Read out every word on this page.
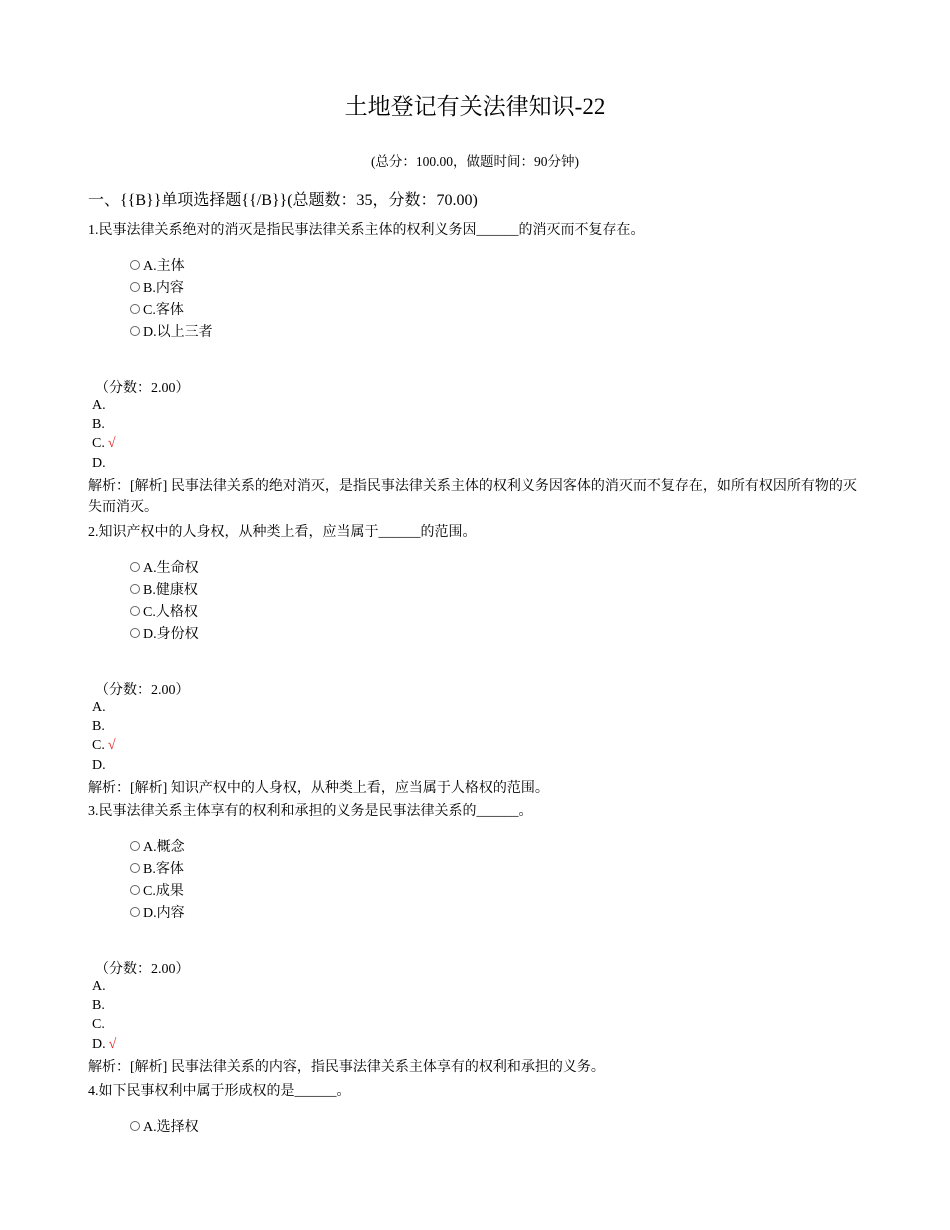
土地登记有关法律知识-22
(总分：100.00，做题时间：90分钟)
一、{{B}}单项选择题{{/B}}(总题数：35，分数：70.00)
1.民事法律关系绝对的消灭是指民事法律关系主体的权利义务因______的消灭而不复存在。
A.主体
B.内容
C.客体
D.以上三者
（分数：2.00）
A.
B.
C. √
D.
解析：[解析] 民事法律关系的绝对消灭，是指民事法律关系主体的权利义务因客体的消灭而不复存在，如所有权因所有物的灭失而消灭。
2.知识产权中的人身权，从种类上看，应当属于______的范围。
A.生命权
B.健康权
C.人格权
D.身份权
（分数：2.00）
A.
B.
C. √
D.
解析：[解析] 知识产权中的人身权，从种类上看，应当属于人格权的范围。
3.民事法律关系主体享有的权利和承担的义务是民事法律关系的______。
A.概念
B.客体
C.成果
D.内容
（分数：2.00）
A.
B.
C.
D. √
解析：[解析] 民事法律关系的内容，指民事法律关系主体享有的权利和承担的义务。
4.如下民事权利中属于形成权的是______。
A.选择权
